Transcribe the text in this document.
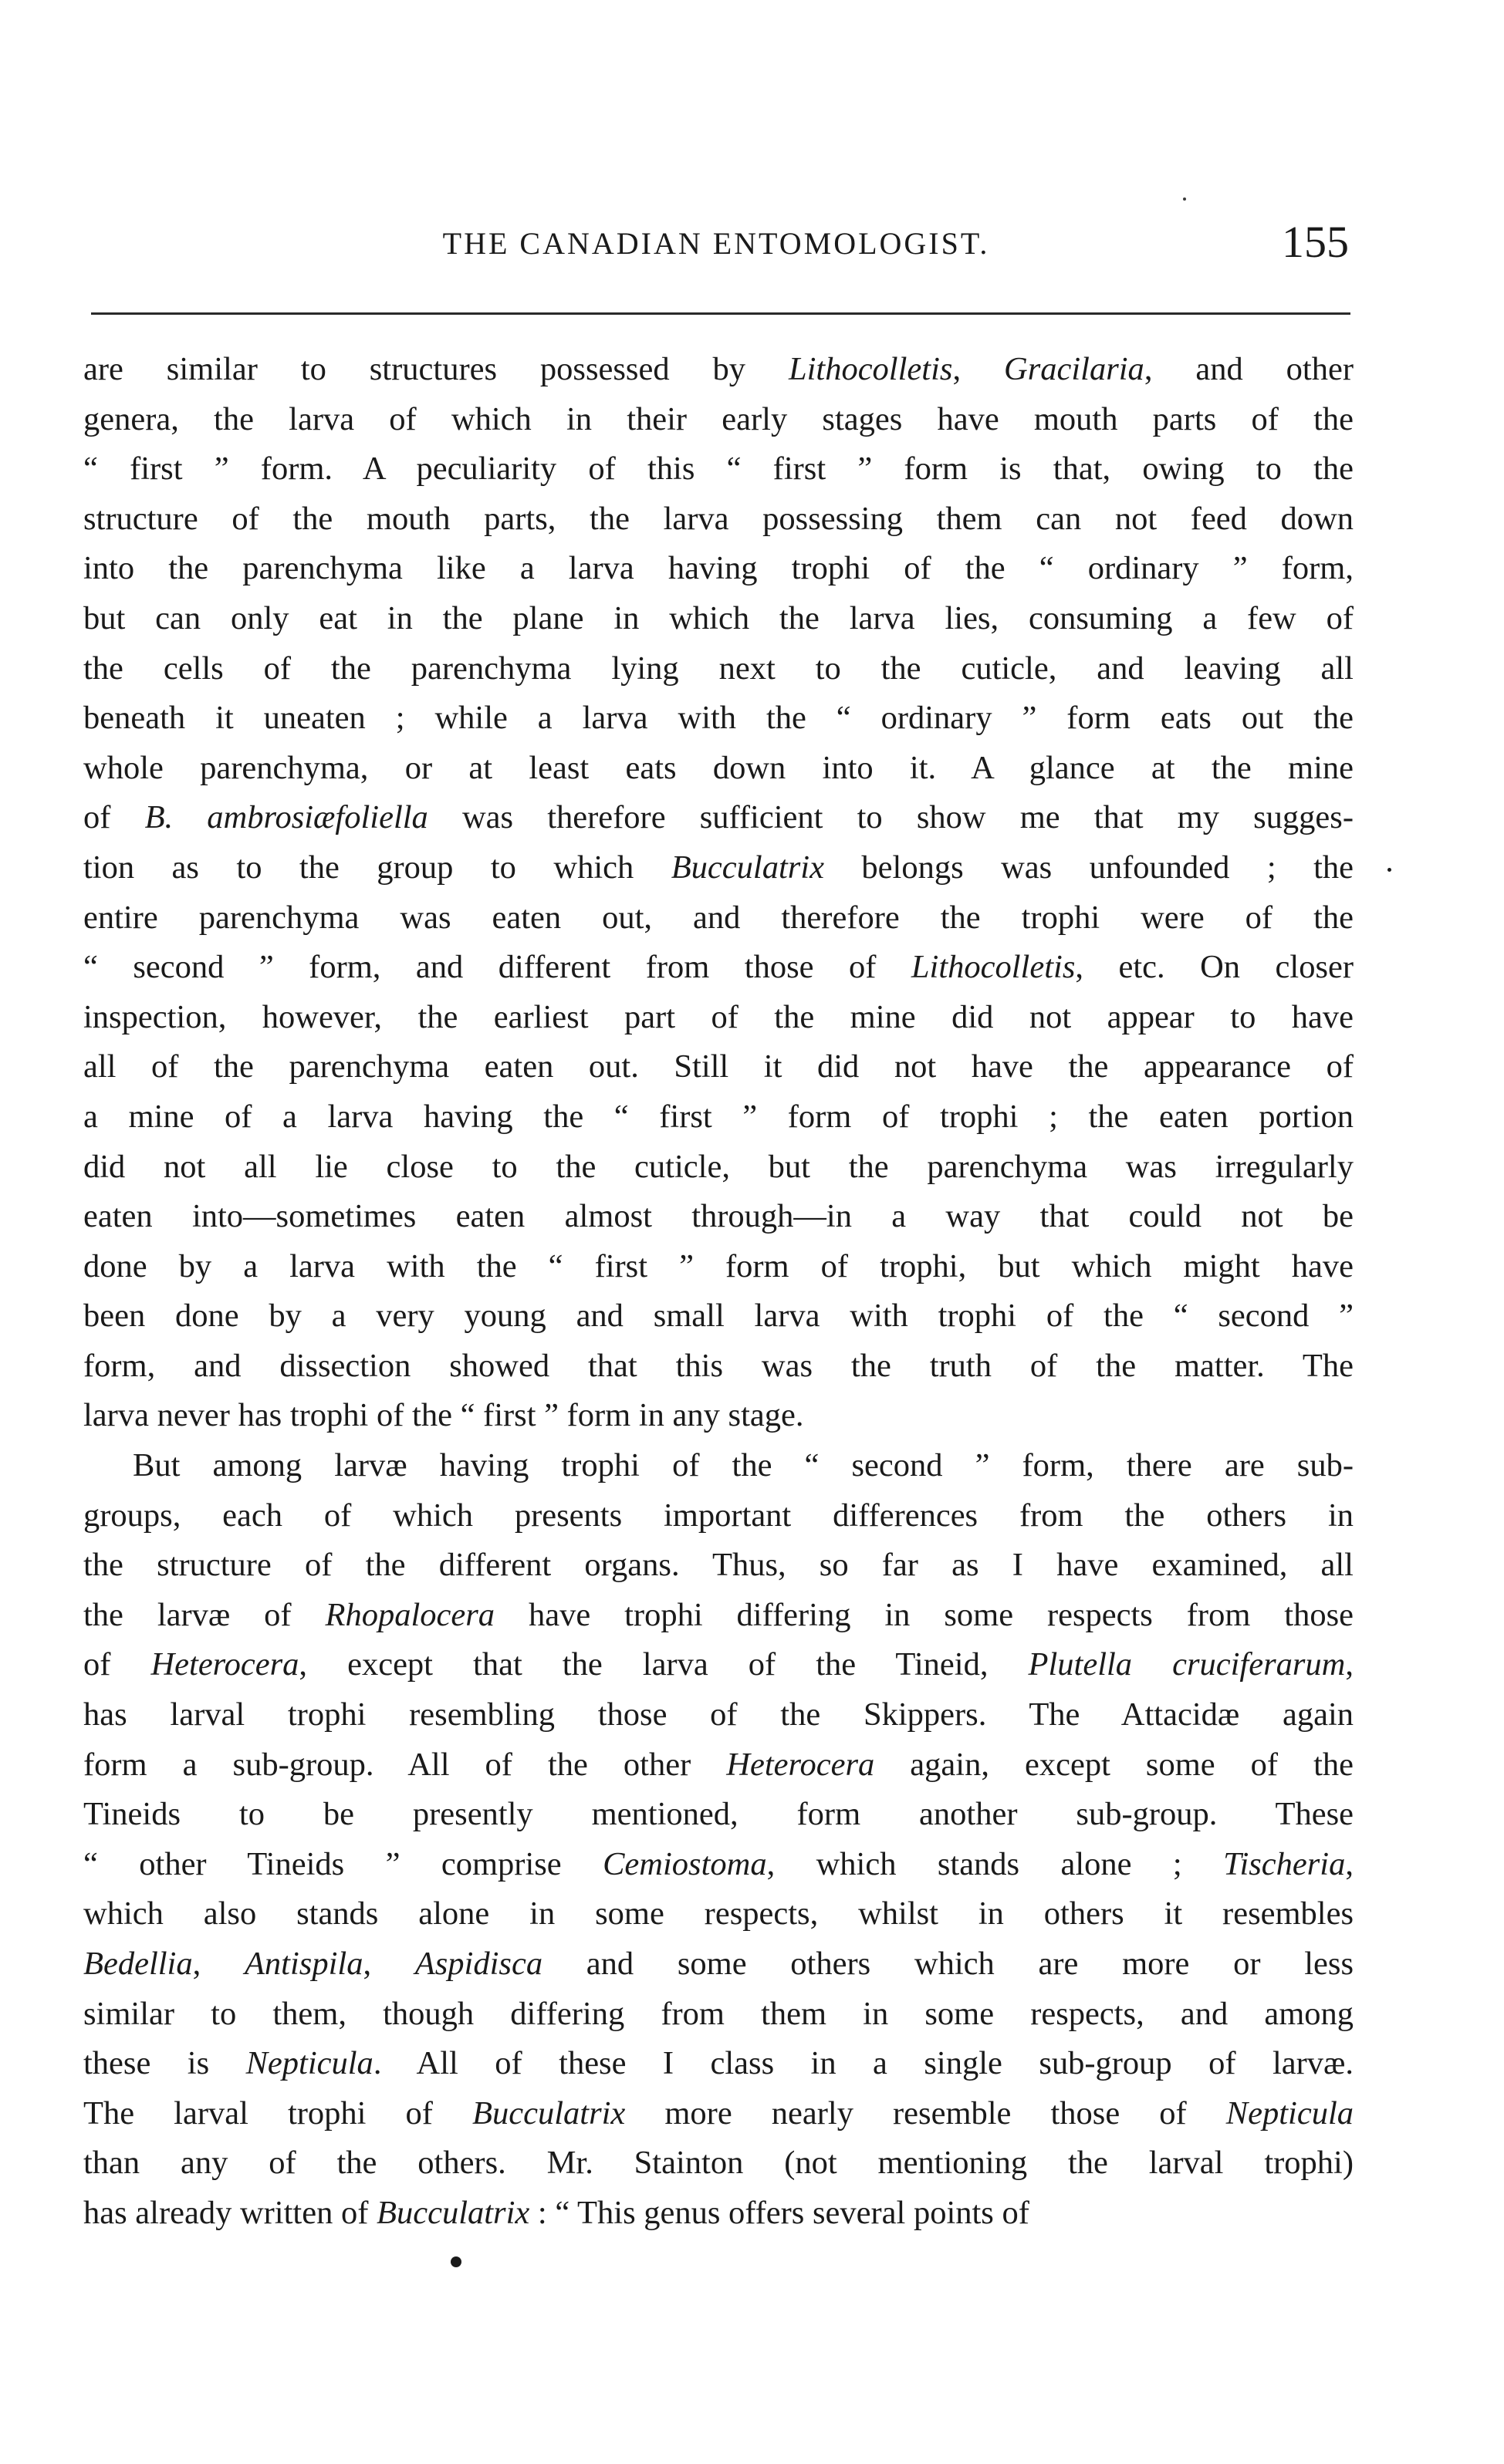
THE CANADIAN ENTOMOLOGIST.	155
are similar to structures possessed by Lithocolletis, Gracilaria, and other
genera, the larva of which in their early stages have mouth parts of the
“ first ” form. A peculiarity of this “ first ” form is that, owing to the
structure of the mouth parts, the larva possessing them can not feed down
into the parenchyma like a larva having trophi of the “ ordinary ” form,
but can only eat in the plane in which the larva lies, consuming a few of
the cells of the parenchyma lying next to the cuticle, and leaving all
beneath it uneaten ; while a larva with the “ ordinary ” form eats out the
whole parenchyma, or at least eats down into it. A glance at the mine
of B. ambrosiæfoliella was therefore sufficient to show me that my sugges-
tion as to the group to which Bucculatrix belongs was unfounded ; the
entire parenchyma was eaten out, and therefore the trophi were of the
“ second ” form, and different from those of Lithocolletis, etc. On closer
inspection, however, the earliest part of the mine did not appear to have
all of the parenchyma eaten out. Still it did not have the appearance of
a mine of a larva having the “ first ” form of trophi ; the eaten portion
did not all lie close to the cuticle, but the parenchyma was irregularly
eaten into—sometimes eaten almost through—in a way that could not be
done by a larva with the “ first ” form of trophi, but which might have
been done by a very young and small larva with trophi of the “ second ”
form, and dissection showed that this was the truth of the matter. The
larva never has trophi of the “ first ” form in any stage.
But among larvæ having trophi of the “ second ” form, there are sub-
groups, each of which presents important differences from the others in
the structure of the different organs. Thus, so far as I have examined, all
the larvæ of Rhopalocera have trophi differing in some respects from those
of Heterocera, except that the larva of the Tineid, Plutella cruciferarum,
has larval trophi resembling those of the Skippers. The Attacidæ again
form a sub-group. All of the other Heterocera again, except some of the
Tineids to be presently mentioned, form another sub-group. These
“ other Tineids ” comprise Cemiostoma, which stands alone ; Tischeria,
which also stands alone in some respects, whilst in others it resembles
Bedellia, Antispila, Aspidisca and some others which are more or less
similar to them, though differing from them in some respects, and among
these is Nepticula. All of these I class in a single sub-group of larvæ.
The larval trophi of Bucculatrix more nearly resemble those of Nepticula
than any of the others. Mr. Stainton (not mentioning the larval trophi)
has already written of Bucculatrix : “ This genus offers several points of
